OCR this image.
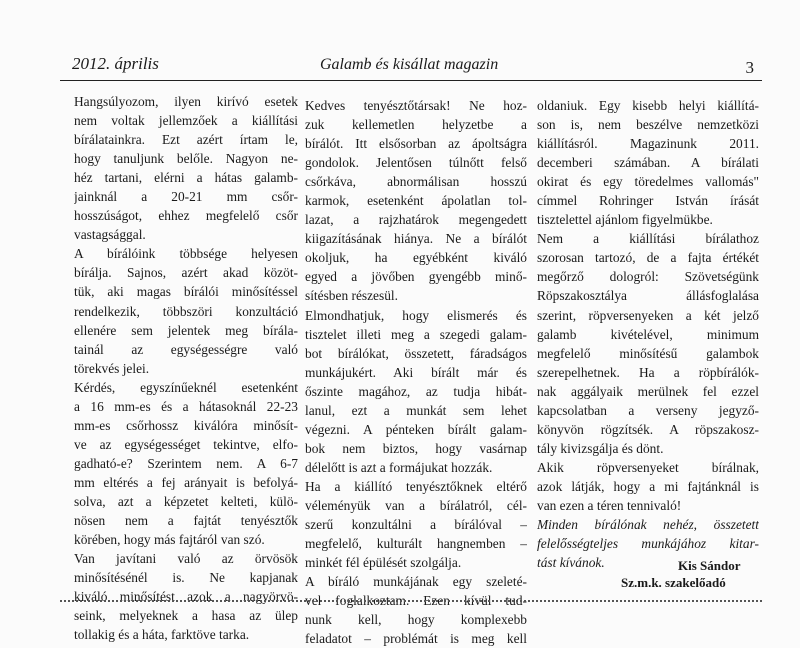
2012. április	Galamb és kisállat magazin	3
Hangsúlyozom, ilyen kirívó esetek
nem voltak jellemzőek a kiállítási
bírálatainkra. Ezt azért írtam le,
hogy tanuljunk belőle. Nagyon ne-
héz tartani, elérni a hátas galamb-
jainknál a 20-21 mm csőr-
hosszúságot, ehhez megfelelő csőr
vastagsággal.
A bírálóink többsége helyesen
bírálja. Sajnos, azért akad közöt-
tük, aki magas bírálói minősítéssel
rendelkezik, többszöri konzultáció
ellenére sem jelentek meg bírála-
tainál az egységességre való
törekvés jelei.
Kérdés, egyszínűeknél esetenként
a 16 mm-es és a hátasoknál 22-23
mm-es csőrhossz kiválóra minősít-
ve az egységességet tekintve, elfo-
gadható-e? Szerintem nem. A 6-7
mm eltérés a fej arányait is befolyá-
solva, azt a képzetet kelteti, külö-
nösen nem a fajtát tenyésztők
körében, hogy más fajtáról van szó.
Van javítani való az örvösök
minősítésénél is. Ne kapjanak
kiváló minősítést azok a nagyörvö-
seink, melyeknek a hasa az ülep
tollakig és a háta, farktöve tarka.
Kedves tenyésztőtársak! Ne hoz-
zuk kellemetlen helyzetbe a
bírálót. Itt elsősorban az ápoltságra
gondolok. Jelentősen túlnőtt felső
csőrkáva, abnormálisan hosszú
karmok, esetenként ápolatlan tol-
lazat, a rajzhatárok megengedett
kiigazításának hiánya. Ne a bírálót
okoljuk, ha egyébként kiváló
egyed a jövőben gyengébb minő-
sítésben részesül.
Elmondhatjuk, hogy elismerés és
tisztelet illeti meg a szegedi galam-
bot bírálókat, összetett, fáradságos
munkájukért. Aki bírált már és
őszinte magához, az tudja hibát-
lanul, ezt a munkát sem lehet
végezni. A pénteken bírált galam-
bok nem biztos, hogy vasárnap
délelőtt is azt a formájukat hozzák.
Ha a kiállító tenyésztőknek eltérő
véleményük van a bírálatról, cél-
szerű konzultálni a bírálóval –
megfelelő, kulturált hangnemben –
minkét fél épülését szolgálja.
A bíráló munkájának egy szeleté-
vel foglalkoztam. Ezen kívül tud-
nunk kell, hogy komplexebb
feladatot – problémát is meg kell
oldaniuk. Egy kisebb helyi kiállítá-
son is, nem beszélve nemzetközi
kiállításról. Magazinunk 2011.
decemberi számában. A bírálati
okirat és egy töredelmes vallomás"
címmel Rohringer István írását
tisztelettel ajánlom figyelmükbe.
Nem a kiállítási bírálathoz
szorosan tartozó, de a fajta értékét
megőrző dologról: Szövetségünk
Röpszakosztálya állásfoglalása
szerint, röpversenyeken a két jelző
galamb kivételével, minimum
megfelelő minősítésű galambok
szerepelhetnek. Ha a röpbírálók-
nak aggályaik merülnek fel ezzel
kapcsolatban a verseny jegyző-
könyvön rögzítsék. A röpszakosz-
tály kivizsgálja és dönt.
Akik röpversenyeket bírálnak,
azok látják, hogy a mi fajtánknál is
van ezen a téren tennivaló!
Minden bírálónak nehéz, összetett
felelősségteljes munkájához kitar-
tást kívánok.	Kis Sándor
Sz.m.k. szakelőadó
